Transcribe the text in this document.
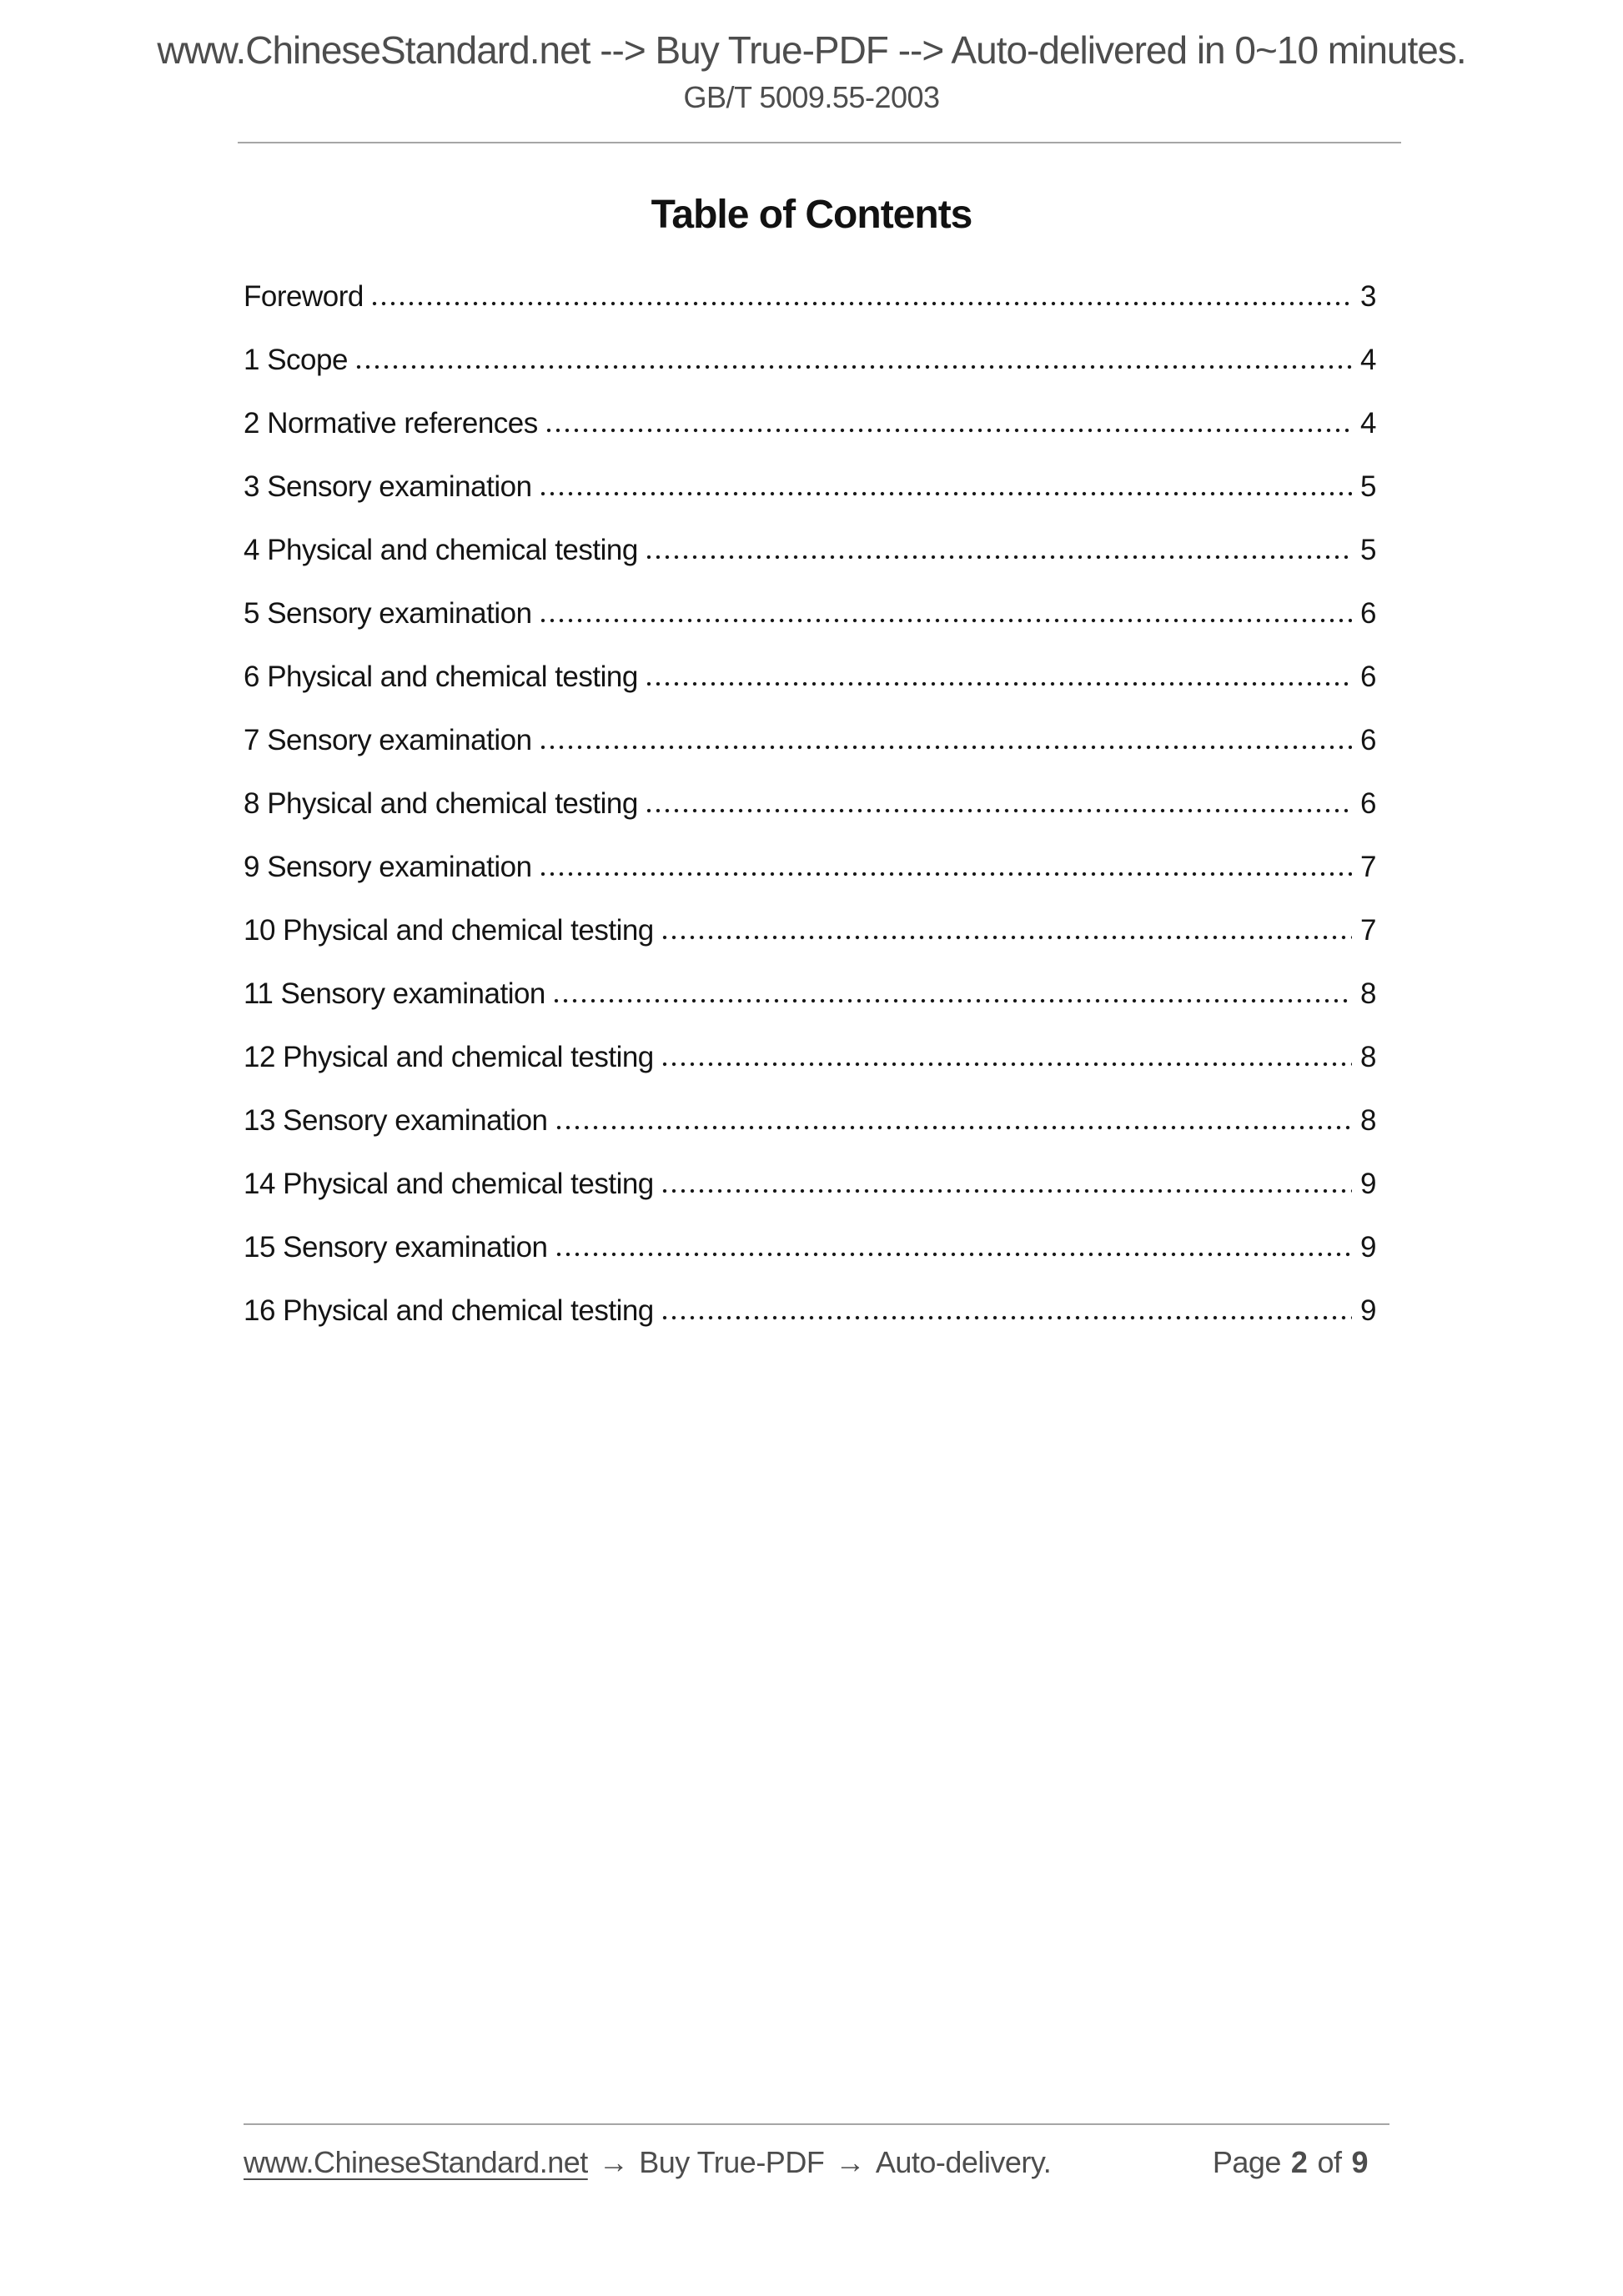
www.ChineseStandard.net --> Buy True-PDF --> Auto-delivered in 0~10 minutes.
GB/T 5009.55-2003
Table of Contents
Foreword	3
1 Scope	4
2 Normative references	4
3 Sensory examination	5
4 Physical and chemical testing	5
5 Sensory examination	6
6 Physical and chemical testing	6
7 Sensory examination	6
8 Physical and chemical testing	6
9 Sensory examination	7
10 Physical and chemical testing	7
11 Sensory examination	8
12 Physical and chemical testing	8
13 Sensory examination	8
14 Physical and chemical testing	9
15 Sensory examination	9
16 Physical and chemical testing	9
www.ChineseStandard.net → Buy True-PDF → Auto-delivery.	Page 2 of 9
